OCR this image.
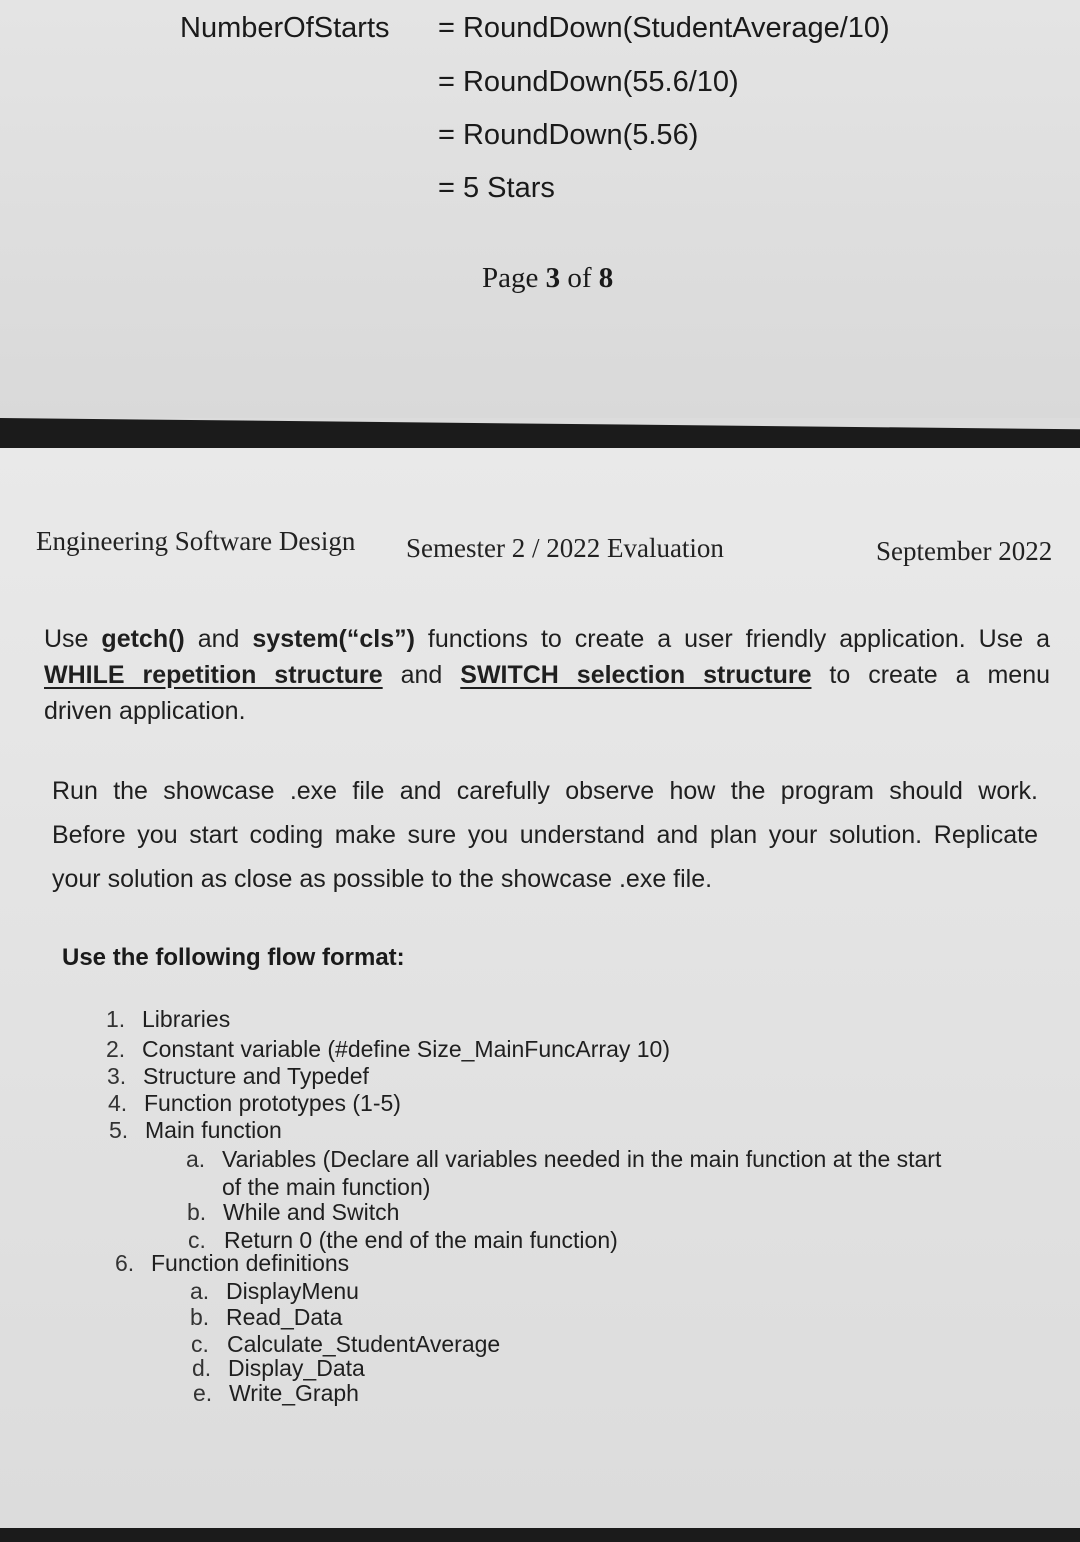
NumberOfStarts = RoundDown(StudentAverage/10)
= RoundDown(55.6/10)
= RoundDown(5.56)
= 5 Stars
Page 3 of 8
Engineering Software Design Semester 2 / 2022 Evaluation	September 2022
Use getch() and system(“cls”) functions to create a user friendly application. Use a
WHILE repetition structure and SWITCH selection structure to create a menu
driven application.
Run the showcase .exe file and carefully observe how the program should work.
Before you start coding make sure you understand and plan your solution. Replicate
your solution as close as possible to the showcase .exe file.
Use the following flow format:
1. Libraries
2. Constant variable (#define Size_MainFuncArray 10)
3. Structure and Typedef
4. Function prototypes (1-5)
5. Main function
a. Variables (Declare all variables needed in the main function at the start
of the main function)
b. While and Switch
c. Return 0 (the end of the main function)
6. Function definitions
a. DisplayMenu
b. Read_Data
c. Calculate_StudentAverage
d. Display_Data
e. Write_Graph
